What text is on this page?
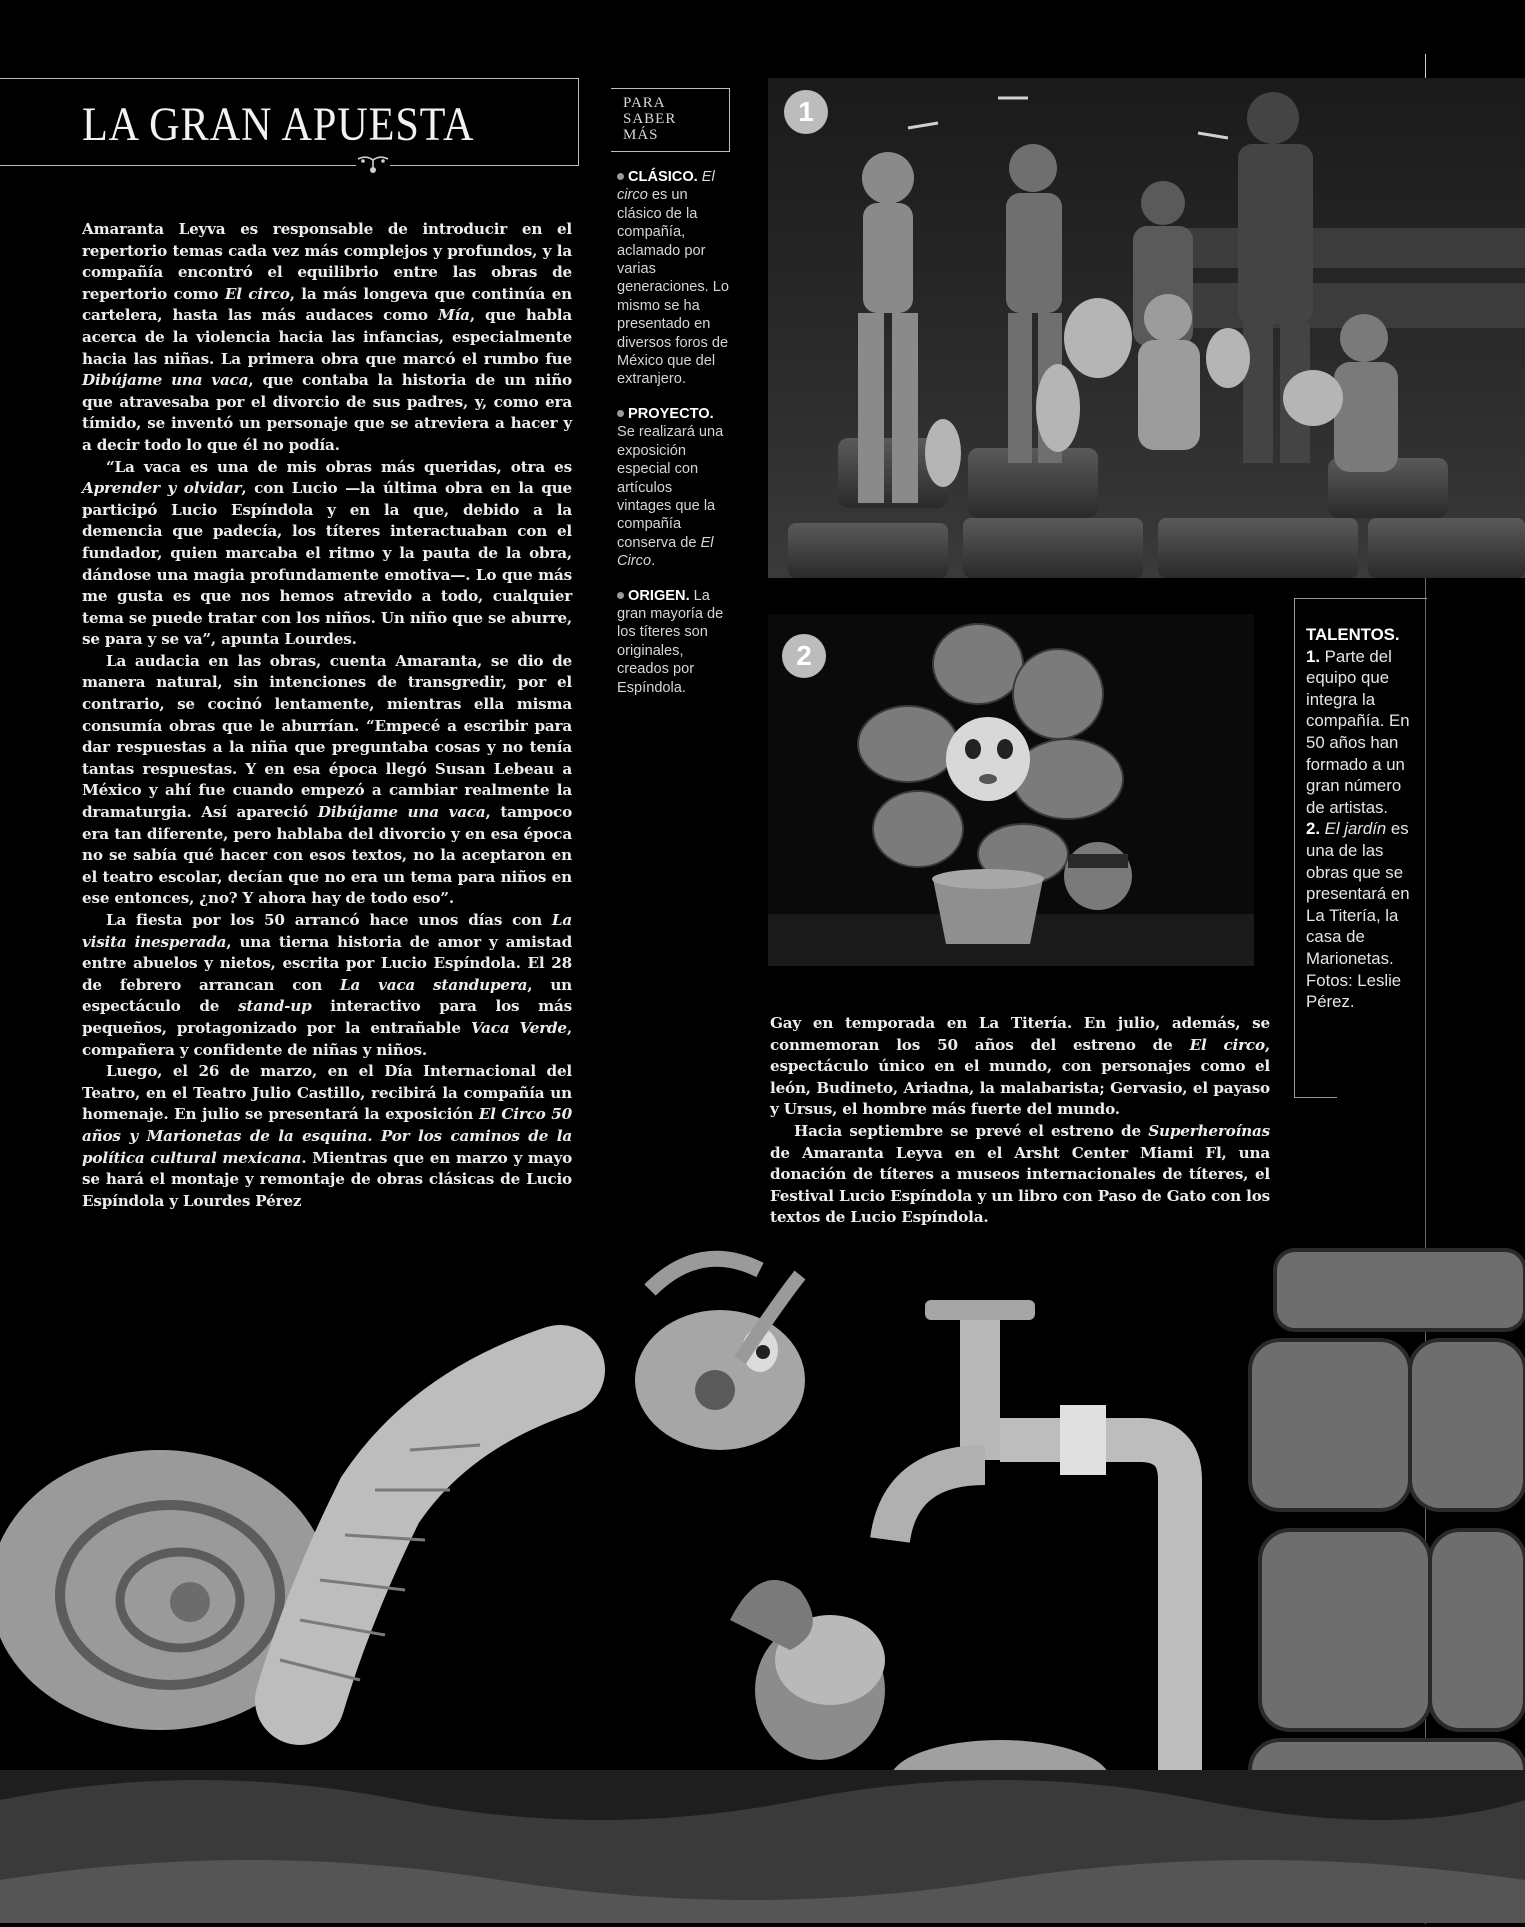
LA GRAN APUESTA

Amaranta Leyva es responsable de introducir en el repertorio temas cada vez más complejos y profundos, y la compañía encontró el equilibrio entre las obras de repertorio como El circo, la más longeva que continúa en cartelera, hasta las más audaces como Mía, que habla acerca de la violencia hacia las infancias, especialmente hacia las niñas. La primera obra que marcó el rumbo fue Dibújame una vaca, que contaba la historia de un niño que atravesaba por el divorcio de sus padres, y, como era tímido, se inventó un personaje que se atreviera a hacer y a decir todo lo que él no podía.

“La vaca es una de mis obras más queridas, otra es Aprender y olvidar, con Lucio —la última obra en la que participó Lucio Espíndola y en la que, debido a la demencia que padecía, los títeres interactuaban con el fundador, quien marcaba el ritmo y la pauta de la obra, dándose una magia profundamente emotiva—. Lo que más me gusta es que nos hemos atrevido a todo, cualquier tema se puede tratar con los niños. Un niño que se aburre, se para y se va”, apunta Lourdes.

La audacia en las obras, cuenta Amaranta, se dio de manera natural, sin intenciones de transgredir, por el contrario, se cocinó lentamente, mientras ella misma consumía obras que le aburrían. “Empecé a escribir para dar respuestas a la niña que preguntaba cosas y no tenía tantas respuestas. Y en esa época llegó Susan Lebeau a México y ahí fue cuando empezó a cambiar realmente la dramaturgia. Así apareció Dibújame una vaca, tampoco era tan diferente, pero hablaba del divorcio y en esa época no se sabía qué hacer con esos textos, no la aceptaron en el teatro escolar, decían que no era un tema para niños en ese entonces, ¿no? Y ahora hay de todo eso”.

La fiesta por los 50 arrancó hace unos días con La visita inesperada, una tierna historia de amor y amistad entre abuelos y nietos, escrita por Lucio Espíndola. El 28 de febrero arrancan con La vaca standupera, un espectáculo de stand-up interactivo para los más pequeños, protagonizado por la entrañable Vaca Verde, compañera y confidente de niñas y niños.

Luego, el 26 de marzo, en el Día Internacional del Teatro, en el Teatro Julio Castillo, recibirá la compañía un homenaje. En julio se presentará la exposición El Circo 50 años y Marionetas de la esquina. Por los caminos de la política cultural mexicana. Mientras que en marzo y mayo se hará el montaje y remontaje de obras clásicas de Lucio Espíndola y Lourdes Pérez

PARA
SABER
MÁS
CLÁSICO. El circo es un clásico de la compañía, aclamado por varias generaciones. Lo mismo se ha presentado en diversos foros de México que del extranjero.
PROYECTO. Se realizará una exposición especial con artículos vintages que la compañía conserva de El Circo.
ORIGEN. La gran mayoría de los títeres son originales, creados por Espíndola.
1
2
TALENTOS.
1. Parte del equipo que integra la compañía. En 50 años han formado a un gran número de artistas.
2. El jardín es una de las obras que se presentará en La Titería, la casa de Marionetas. Fotos: Leslie Pérez.

Gay en temporada en La Titería. En julio, además, se conmemoran los 50 años del estreno de El circo, espectáculo único en el mundo, con personajes como el león, Budineto, Ariadna, la malabarista; Gervasio, el payaso y Ursus, el hombre más fuerte del mundo.

Hacia septiembre se prevé el estreno de Superheroínas de Amaranta Leyva en el Arsht Center Miami Fl, una donación de títeres a museos internacionales de títeres, el Festival Lucio Espíndola y un libro con Paso de Gato con los textos de Lucio Espíndola.
